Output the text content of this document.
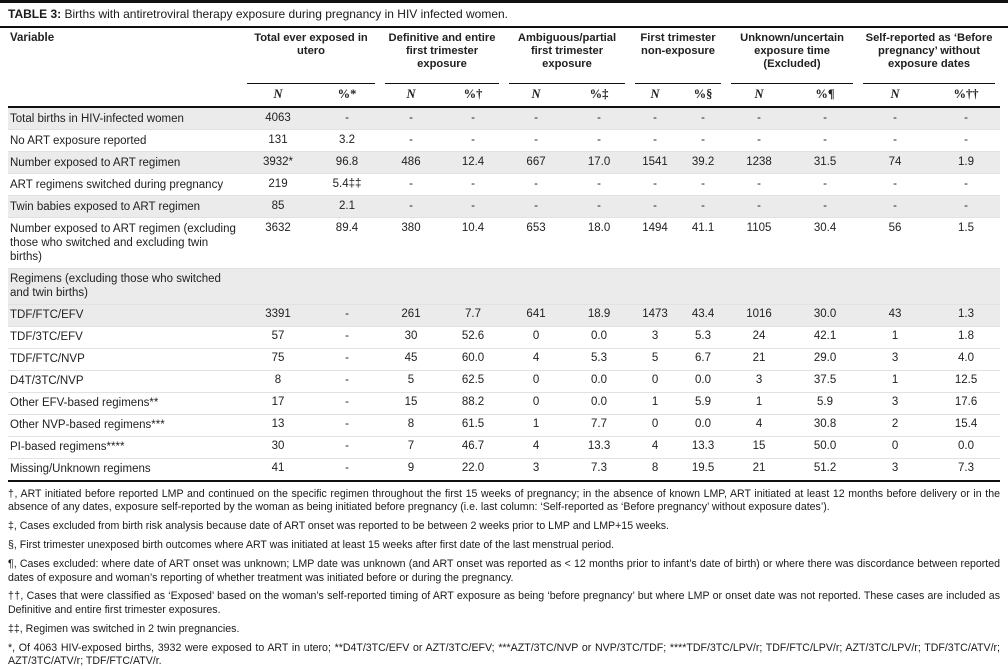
TABLE 3: Births with antiretroviral therapy exposure during pregnancy in HIV infected women.
Variable	Total ever exposed in utero		Definitive and entire first trimester exposure		Ambiguous/partial first trimester exposure		First trimester non-exposure		Unknown/uncertain exposure time (Excluded)		Self-reported as ‘Before pregnancy’ without exposure dates	

	N	%*	N	%†	N	%‡	N	%§	N	%¶	N	%††

Total births in HIV-infected women	4063	-	-	-	-	-	-	-	-	-	-	-

No ART exposure reported	131	3.2	-	-	-	-	-	-	-	-	-	-

Number exposed to ART regimen	3932*	96.8	486	12.4	667	17.0	1541	39.2	1238	31.5	74	1.9

ART regimens switched during pregnancy	219	5.4‡‡	-	-	-	-	-	-	-	-	-	-

Twin babies exposed to ART regimen	85	2.1	-	-	-	-	-	-	-	-	-	-

Number exposed to ART regimen (excluding those who switched and excluding twin births)	3632	89.4	380	10.4	653	18.0	1494	41.1	1105	30.4	56	1.5

Regimens (excluding those who switched and twin births)												

TDF/FTC/EFV	3391	-	261	7.7	641	18.9	1473	43.4	1016	30.0	43	1.3

TDF/3TC/EFV	57	-	30	52.6	0	0.0	3	5.3	24	42.1	1	1.8

TDF/FTC/NVP	75	-	45	60.0	4	5.3	5	6.7	21	29.0	3	4.0

D4T/3TC/NVP	8	-	5	62.5	0	0.0	0	0.0	3	37.5	1	12.5

Other EFV-based regimens**	17	-	15	88.2	0	0.0	1	5.9	1	5.9	3	17.6

Other NVP-based regimens***	13	-	8	61.5	1	7.7	0	0.0	4	30.8	2	15.4

PI-based regimens****	30	-	7	46.7	4	13.3	4	13.3	15	50.0	0	0.0

Missing/Unknown regimens	41	-	9	22.0	3	7.3	8	19.5	21	51.2	3	7.3

†, ART initiated before reported LMP and continued on the specific regimen throughout the first 15 weeks of pregnancy; in the absence of known LMP, ART initiated at least 12 months before delivery or in the absence of any dates, exposure self-reported by the woman as being initiated before pregnancy (i.e. last column: ‘Self-reported as ‘Before pregnancy’ without exposure dates’).

‡, Cases excluded from birth risk analysis because date of ART onset was reported to be between 2 weeks prior to LMP and LMP+15 weeks.

§, First trimester unexposed birth outcomes where ART was initiated at least 15 weeks after first date of the last menstrual period.

¶, Cases excluded: where date of ART onset was unknown; LMP date was unknown (and ART onset was reported as < 12 months prior to infant’s date of birth) or where there was discordance between reported dates of exposure and woman’s reporting of whether treatment was initiated before or during the pregnancy.

††, Cases that were classified as ‘Exposed’ based on the woman’s self-reported timing of ART exposure as being ‘before pregnancy’ but where LMP or onset date was not reported. These cases are included as Definitive and entire first trimester exposures.

‡‡, Regimen was switched in 2 twin pregnancies.

*, Of 4063 HIV-exposed births, 3932 were exposed to ART in utero; **D4T/3TC/EFV or AZT/3TC/EFV; ***AZT/3TC/NVP or NVP/3TC/TDF; ****TDF/3TC/LPV/r; TDF/FTC/LPV/r; AZT/3TC/LPV/r; TDF/3TC/ATV/r; AZT/3TC/ATV/r; TDF/FTC/ATV/r.
